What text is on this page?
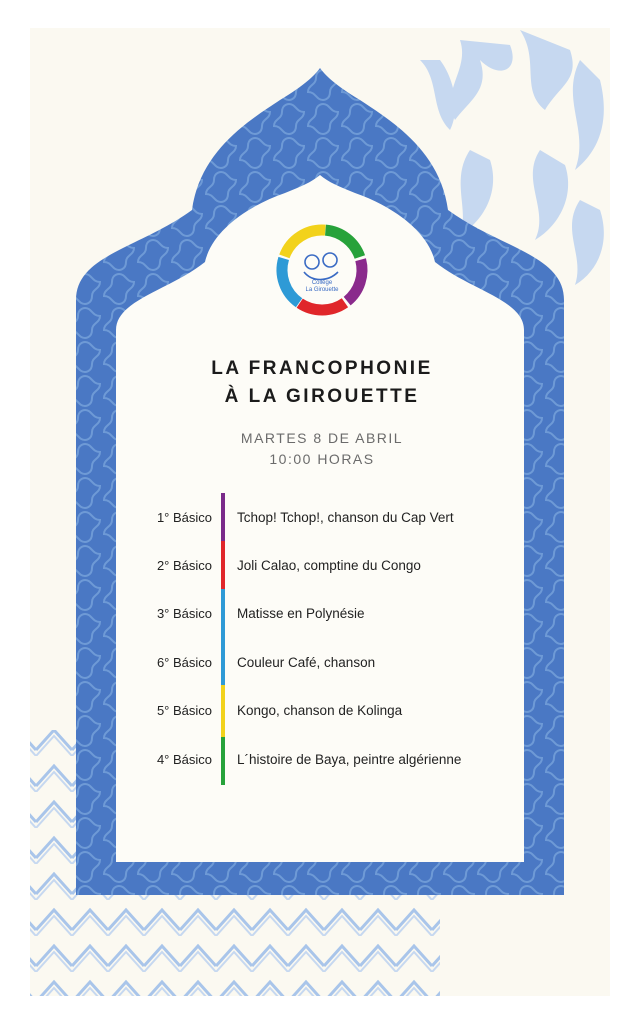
Collège
La Girouette
LA FRANCOPHONIE
À LA GIROUETTE
MARTES 8 DE ABRIL
10:00 HORAS
1° Básico Tchop! Tchop!, chanson du Cap Vert
2° Básico Joli Calao, comptine du Congo
3° Básico Matisse en Polynésie
6° Básico Couleur Café, chanson
5° Básico Kongo, chanson de Kolinga
4° Básico L´histoire de Baya, peintre algérienne
